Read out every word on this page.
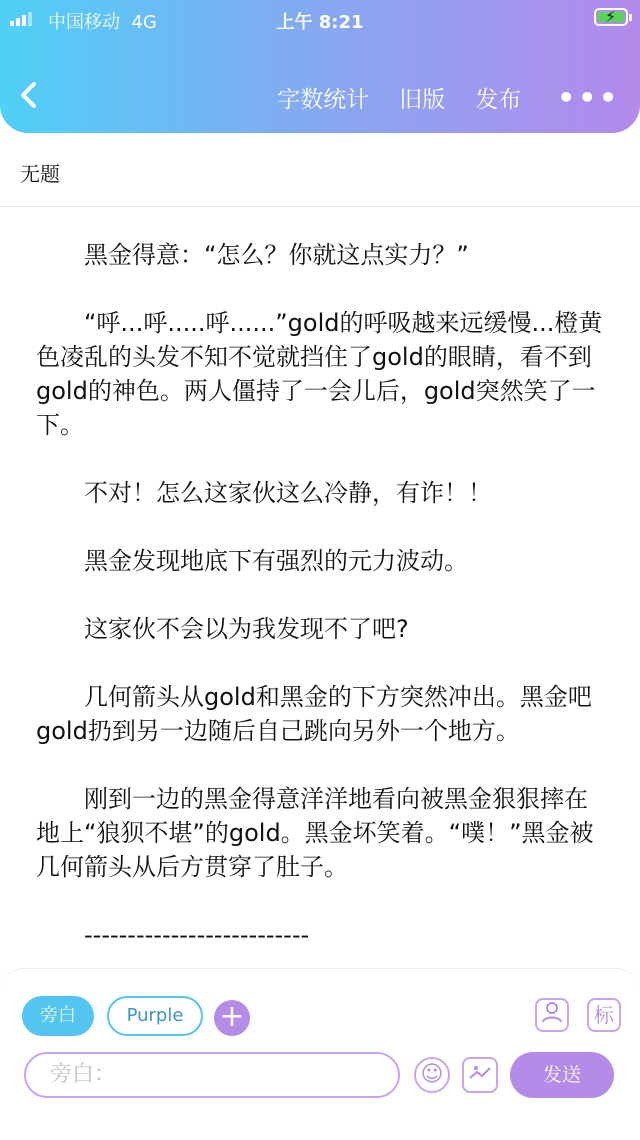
中国移动 4G	上午 8:21	⚡
字数统计 旧版 发布 •••
无题

黑金得意：“怎么？你就这点实力？”

“呼...呼.....呼......”gold的呼吸越来远缓慢...橙黄色凌乱的头发不知不觉就挡住了gold的眼睛，看不到gold的神色。两人僵持了一会儿后，gold突然笑了一下。

不对！怎么这家伙这么冷静，有诈！！

黑金发现地底下有强烈的元力波动。

这家伙不会以为我发现不了吧?

几何箭头从gold和黑金的下方突然冲出。黑金吧gold扔到另一边随后自己跳向另外一个地方。

刚到一边的黑金得意洋洋地看向被黑金狠狠摔在地上“狼狈不堪”的gold。黑金坏笑着。“噗！”黑金被几何箭头从后方贯穿了肚子。

--------------------------

旁白	Purple	+	标
旁白：	☺	发送
